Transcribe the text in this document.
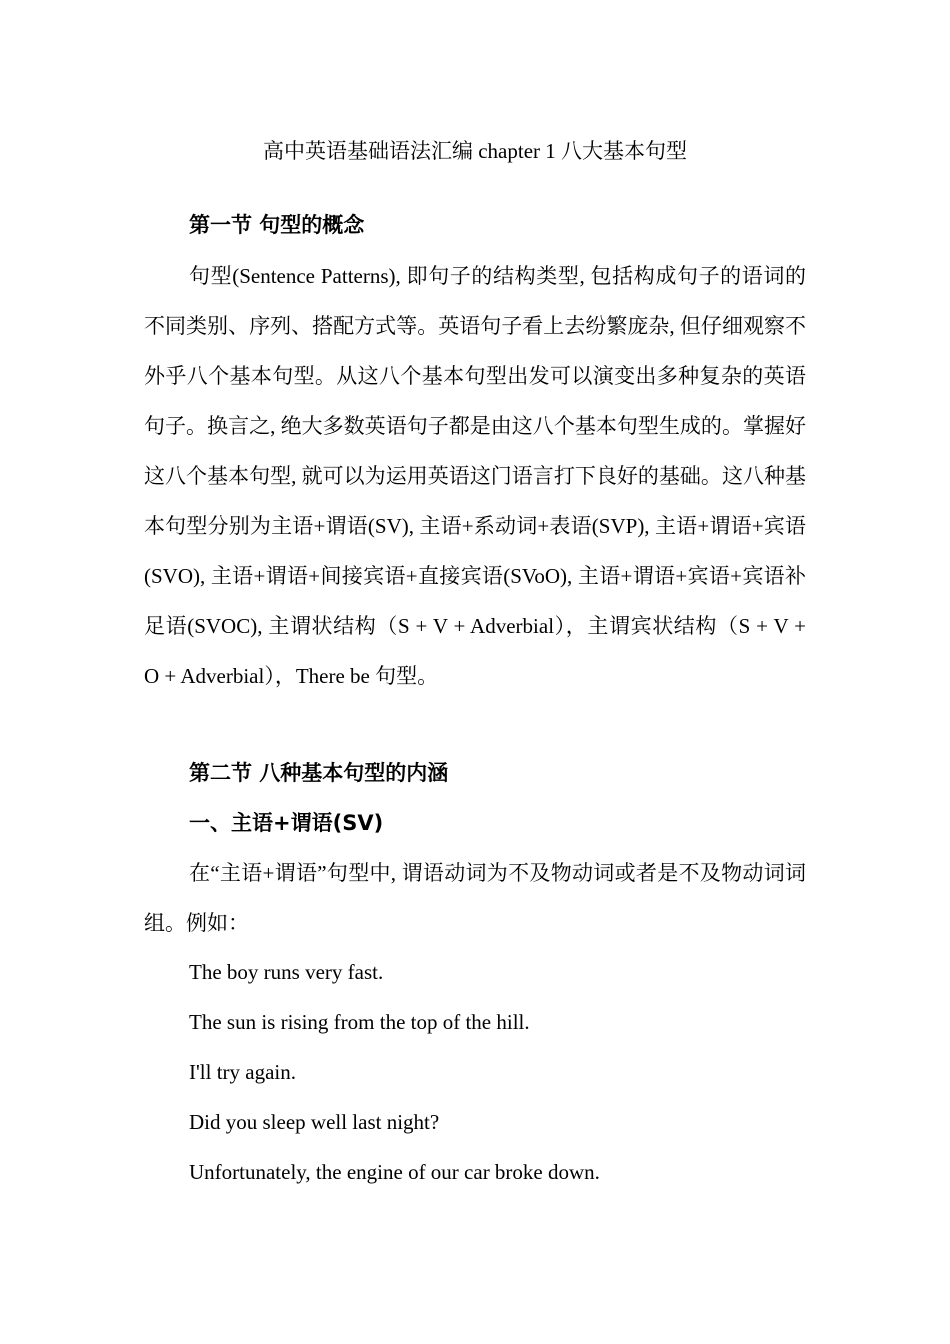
高中英语基础语法汇编 chapter 1 八大基本句型
第一节 句型的概念

句型(Sentence Patterns), 即句子的结构类型, 包括构成句子的语词的不同类别、序列、搭配方式等。英语句子看上去纷繁庞杂, 但仔细观察不外乎八个基本句型。从这八个基本句型出发可以演变出多种复杂的英语句子。换言之, 绝大多数英语句子都是由这八个基本句型生成的。掌握好这八个基本句型, 就可以为运用英语这门语言打下良好的基础。这八种基本句型分别为主语+谓语(SV), 主语+系动词+表语(SVP), 主语+谓语+宾语(SVO), 主语+谓语+间接宾语+直接宾语(SVoO), 主语+谓语+宾语+宾语补足语(SVOC), 主谓状结构（S + V + Adverbial），主谓宾状结构（S + V + O + Adverbial），There be 句型。

第二节 八种基本句型的内涵
一、主语+谓语(SV)

在“主语+谓语”句型中, 谓语动词为不及物动词或者是不及物动词词组。例如：

The boy runs very fast.
The sun is rising from the top of the hill.
I'll try again.
Did you sleep well last night?
Unfortunately, the engine of our car broke down.
